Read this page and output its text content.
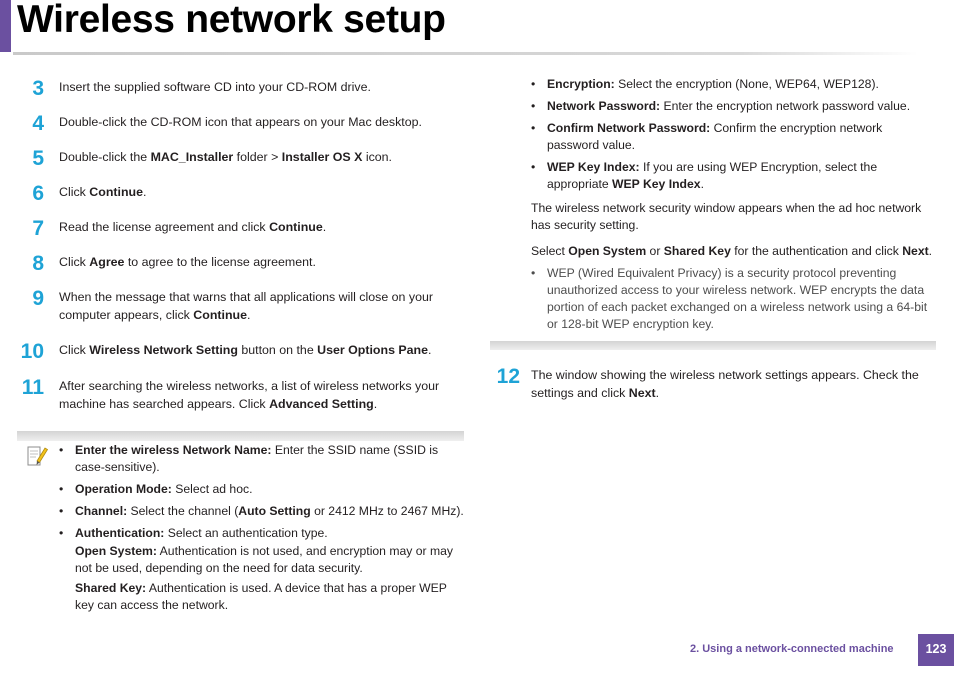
Wireless network setup
3 Insert the supplied software CD into your CD-ROM drive.
4 Double-click the CD-ROM icon that appears on your Mac desktop.
5 Double-click the MAC_Installer folder > Installer OS X icon.
6 Click Continue.
7 Read the license agreement and click Continue.
8 Click Agree to agree to the license agreement.
9 When the message that warns that all applications will close on your computer appears, click Continue.
10 Click Wireless Network Setting button on the User Options Pane.
11 After searching the wireless networks, a list of wireless networks your machine has searched appears. Click Advanced Setting.
• Enter the wireless Network Name: Enter the SSID name (SSID is case-sensitive).
• Operation Mode: Select ad hoc.
• Channel: Select the channel (Auto Setting or 2412 MHz to 2467 MHz).
• Authentication: Select an authentication type.
Open System: Authentication is not used, and encryption may or may not be used, depending on the need for data security.
Shared Key: Authentication is used. A device that has a proper WEP key can access the network.
• Encryption: Select the encryption (None, WEP64, WEP128).
• Network Password: Enter the encryption network password value.
• Confirm Network Password: Confirm the encryption network password value.
• WEP Key Index: If you are using WEP Encryption, select the appropriate WEP Key Index.
The wireless network security window appears when the ad hoc network has security setting.
Select Open System or Shared Key for the authentication and click Next.
• WEP (Wired Equivalent Privacy) is a security protocol preventing unauthorized access to your wireless network. WEP encrypts the data portion of each packet exchanged on a wireless network using a 64-bit or 128-bit WEP encryption key.
12 The window showing the wireless network settings appears. Check the settings and click Next.
2. Using a network-connected machine	123
